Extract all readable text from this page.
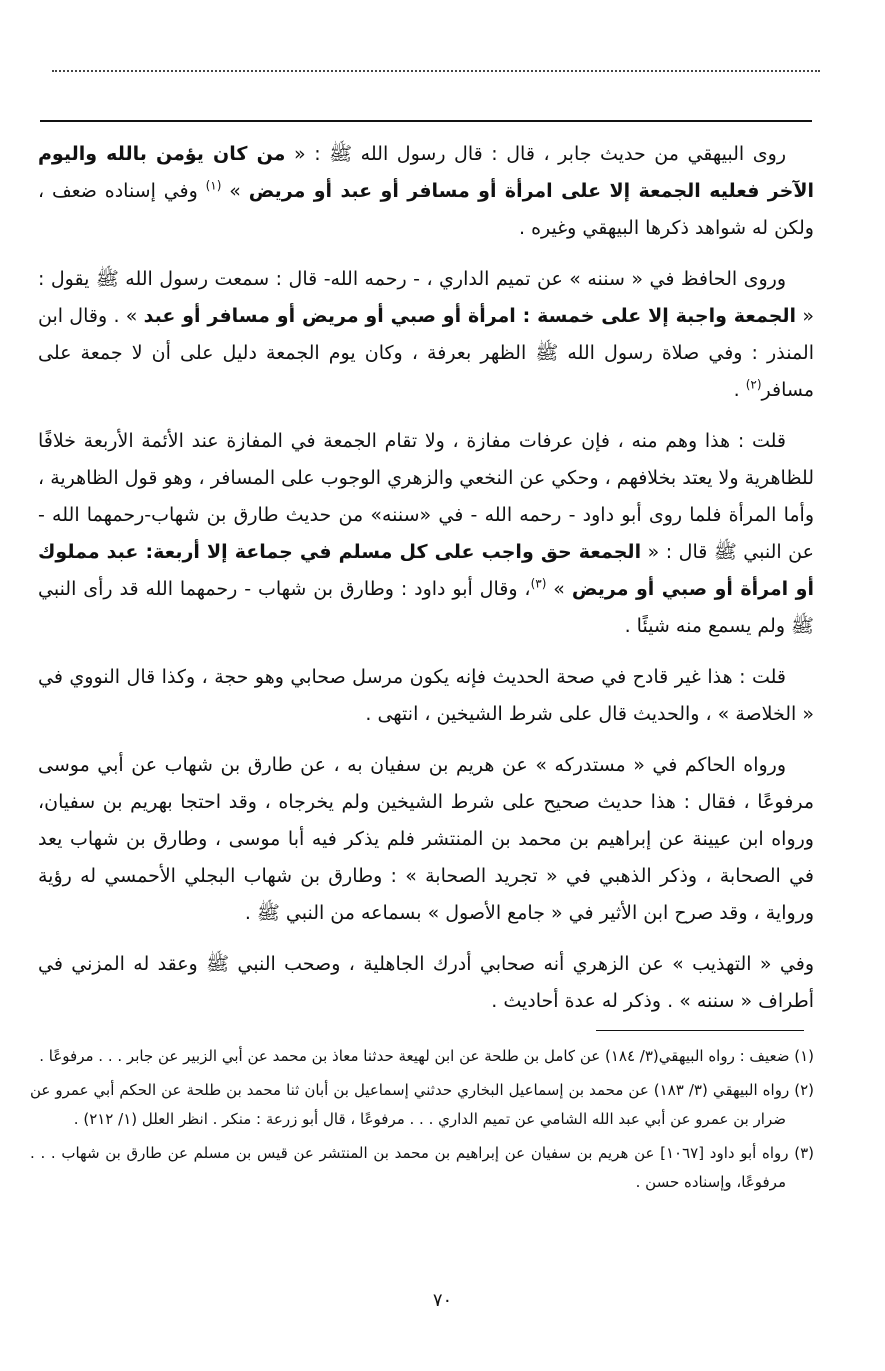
روى البيهقي من حديث جابر ، قال : قال رسول الله ﷺ : « من كان يؤمن بالله واليوم الآخر فعليه الجمعة إلا على امرأة أو مسافر أو عبد أو مريض » $^{(١)}$ وفي إسناده ضعف ، ولكن له شواهد ذكرها البيهقي وغيره .

وروى الحافظ في « سننه » عن تميم الداري ، - رحمه الله- قال : سمعت رسول الله ﷺ يقول : « الجمعة واجبة إلا على خمسة : امرأة أو صبي أو مريض أو مسافر أو عبد » . وقال ابن المنذر : وفي صلاة رسول الله ﷺ الظهر بعرفة ، وكان يوم الجمعة دليل على أن لا جمعة على مسافر$^{(٢)}$ .

قلت : هذا وهم منه ، فإن عرفات مفازة ، ولا تقام الجمعة في المفازة عند الأئمة الأربعة خلافًا للظاهرية ولا يعتد بخلافهم ، وحكي عن النخعي والزهري الوجوب على المسافر ، وهو قول الظاهرية ، وأما المرأة فلما روى أبو داود - رحمه الله - في «سننه» من حديث طارق بن شهاب-رحمهما الله - عن النبي ﷺ قال : « الجمعة حق واجب على كل مسلم في جماعة إلا أربعة: عبد مملوك أو امرأة أو صبي أو مريض » $^{(٣)}$، وقال أبو داود : وطارق بن شهاب - رحمهما الله قد رأى النبي ﷺ ولم يسمع منه شيئًا .

قلت : هذا غير قادح في صحة الحديث فإنه يكون مرسل صحابي وهو حجة ، وكذا قال النووي في « الخلاصة » ، والحديث قال على شرط الشيخين ، انتهى .

ورواه الحاكم في « مستدركه » عن هريم بن سفيان به ، عن طارق بن شهاب عن أبي موسى مرفوعًا ، فقال : هذا حديث صحيح على شرط الشيخين ولم يخرجاه ، وقد احتجا بهريم بن سفيان، ورواه ابن عيينة عن إبراهيم بن محمد بن المنتشر فلم يذكر فيه أبا موسى ، وطارق بن شهاب يعد في الصحابة ، وذكر الذهبي في « تجريد الصحابة » : وطارق بن شهاب البجلي الأحمسي له رؤية ورواية ، وقد صرح ابن الأثير في « جامع الأصول » بسماعه من النبي ﷺ .

وفي « التهذيب » عن الزهري أنه صحابي أدرك الجاهلية ، وصحب النبي ﷺ وعقد له المزني في أطراف « سننه » . وذكر له عدة أحاديث .

(١) ضعيف : رواه البيهقي(٣/ ١٨٤) عن كامل بن طلحة عن ابن لهيعة حدثنا معاذ بن محمد عن أبي الزبير عن جابر . . . مرفوعًا .
(٢) رواه البيهقي (٣/ ١٨٣) عن محمد بن إسماعيل البخاري حدثني إسماعيل بن أبان ثنا محمد بن طلحة عن الحكم أبي عمرو عن ضرار بن عمرو عن أبي عبد الله الشامي عن تميم الداري . . . مرفوعًا ، قال أبو زرعة : منكر . انظر العلل (١/ ٢١٢) .
(٣) رواه أبو داود [١٠٦٧] عن هريم بن سفيان عن إبراهيم بن محمد بن المنتشر عن قيس بن مسلم عن طارق بن شهاب . . . مرفوعًا، وإسناده حسن .
٧٠
